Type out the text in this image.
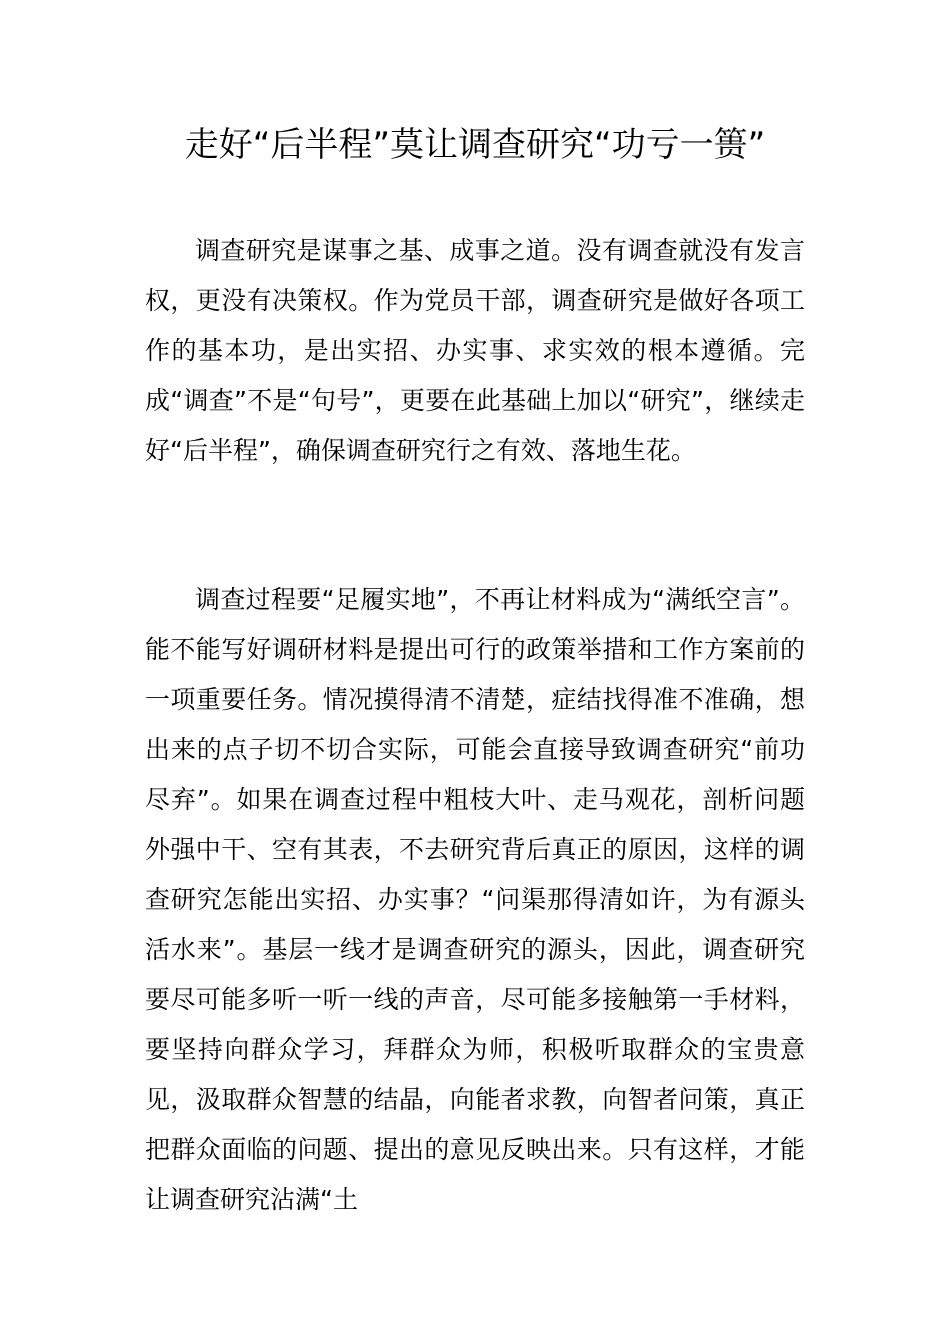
走好“后半程”莫让调查研究“功亏一篑”

调查研究是谋事之基、成事之道。没有调查就没有发言权，更没有决策权。作为党员干部，调查研究是做好各项工作的基本功，是出实招、办实事、求实效的根本遵循。完成“调查”不是“句号”，更要在此基础上加以“研究”，继续走好“后半程”，确保调查研究行之有效、落地生花。

调查过程要“足履实地”，不再让材料成为“满纸空言”。能不能写好调研材料是提出可行的政策举措和工作方案前的一项重要任务。情况摸得清不清楚，症结找得准不准确，想出来的点子切不切合实际，可能会直接导致调查研究“前功尽弃”。如果在调查过程中粗枝大叶、走马观花，剖析问题外强中干、空有其表，不去研究背后真正的原因，这样的调查研究怎能出实招、办实事？“问渠那得清如许，为有源头活水来”。基层一线才是调查研究的源头，因此，调查研究要尽可能多听一听一线的声音，尽可能多接触第一手材料，要坚持向群众学习，拜群众为师，积极听取群众的宝贵意见，汲取群众智慧的结晶，向能者求教，向智者问策，真正把群众面临的问题、提出的意见反映出来。只有这样，才能让调查研究沾满“土
